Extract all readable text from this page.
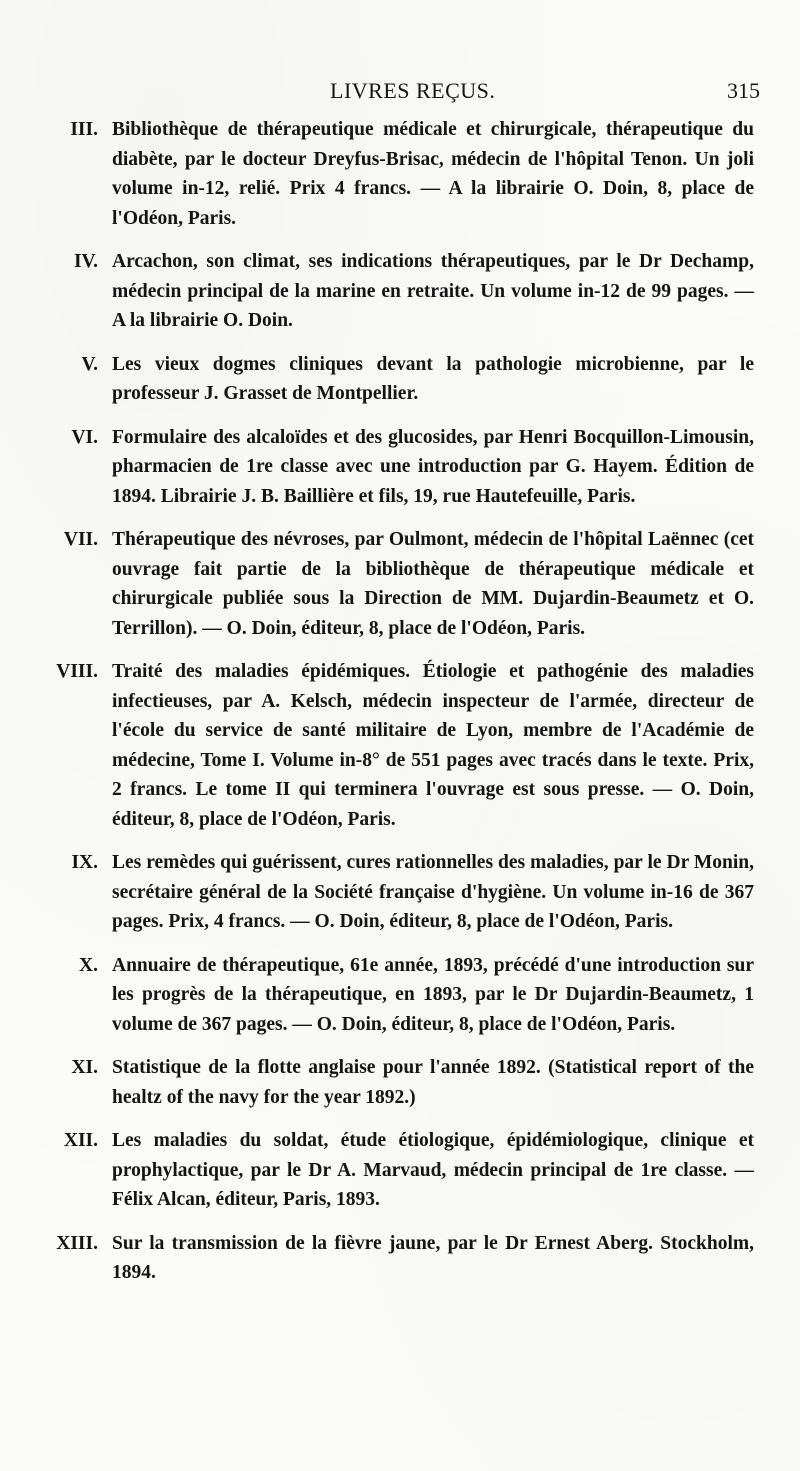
LIVRES REÇUS.	315
III. Bibliothèque de thérapeutique médicale et chirurgicale, thérapeutique du diabète, par le docteur Dreyfus-Brisac, médecin de l'hôpital Tenon. Un joli volume in-12, relié. Prix 4 francs. — A la librairie O. Doin, 8, place de l'Odéon, Paris.
IV. Arcachon, son climat, ses indications thérapeutiques, par le Dr Dechamp, médecin principal de la marine en retraite. Un volume in-12 de 99 pages. — A la librairie O. Doin.
V. Les vieux dogmes cliniques devant la pathologie microbienne, par le professeur J. Grasset de Montpellier.
VI. Formulaire des alcaloïdes et des glucosides, par Henri Bocquillon-Limousin, pharmacien de 1re classe avec une introduction par G. Hayem. Édition de 1894. Librairie J. B. Baillière et fils, 19, rue Hautefeuille, Paris.
VII. Thérapeutique des névroses, par Oulmont, médecin de l'hôpital Laënnec (cet ouvrage fait partie de la bibliothèque de thérapeutique médicale et chirurgicale publiée sous la Direction de MM. Dujardin-Beaumetz et O. Terrillon). — O. Doin, éditeur, 8, place de l'Odéon, Paris.
VIII. Traité des maladies épidémiques. Étiologie et pathogénie des maladies infectieuses, par A. Kelsch, médecin inspecteur de l'armée, directeur de l'école du service de santé militaire de Lyon, membre de l'Académie de médecine, Tome I. Volume in-8° de 551 pages avec tracés dans le texte. Prix, 2 francs. Le tome II qui terminera l'ouvrage est sous presse. — O. Doin, éditeur, 8, place de l'Odéon, Paris.
IX. Les remèdes qui guérissent, cures rationnelles des maladies, par le Dr Monin, secrétaire général de la Société française d'hygiène. Un volume in-16 de 367 pages. Prix, 4 francs. — O. Doin, éditeur, 8, place de l'Odéon, Paris.
X. Annuaire de thérapeutique, 61e année, 1893, précédé d'une introduction sur les progrès de la thérapeutique, en 1893, par le Dr Dujardin-Beaumetz, 1 volume de 367 pages. — O. Doin, éditeur, 8, place de l'Odéon, Paris.
XI. Statistique de la flotte anglaise pour l'année 1892. (Statistical report of the healtz of the navy for the year 1892.)
XII. Les maladies du soldat, étude étiologique, épidémiologique, clinique et prophylactique, par le Dr A. Marvaud, médecin principal de 1re classe. — Félix Alcan, éditeur, Paris, 1893.
XIII. Sur la transmission de la fièvre jaune, par le Dr Ernest Aberg. Stockholm, 1894.
